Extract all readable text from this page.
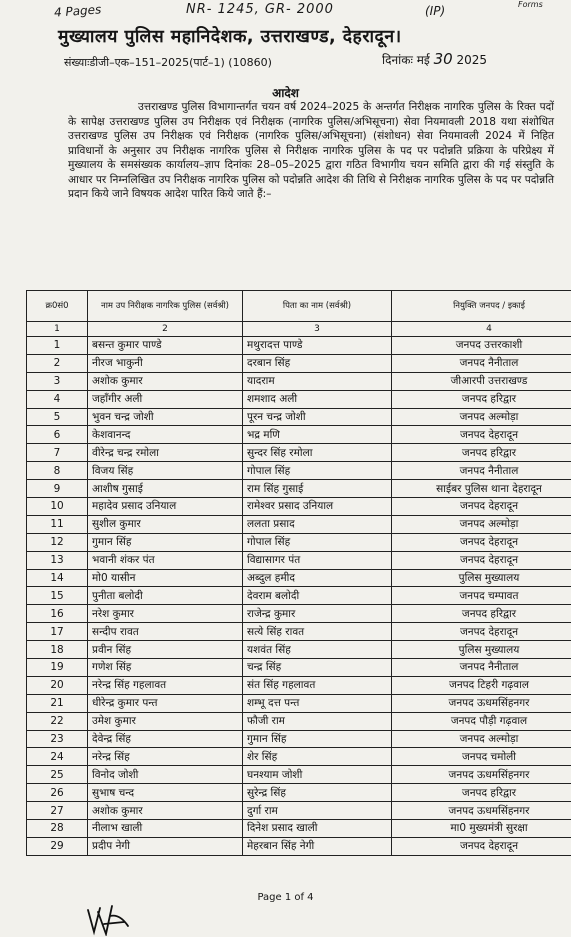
4 Pages	NR- 1245, GR- 2000	(IP)	Forms
मुख्यालय पुलिस महानिदेशक, उत्तराखण्ड, देहरादून।
संख्याःडीजी–एक–151–2025(पार्ट–1) (10860)	दिनांकः मई 30 2025
आदेश

उत्तराखण्ड पुलिस विभागान्तर्गत चयन वर्ष 2024–2025 के अन्तर्गत निरीक्षक नागरिक पुलिस के रिक्त पदों के सापेक्ष उत्तराखण्ड पुलिस उप निरीक्षक एवं निरीक्षक (नागरिक पुलिस/अभिसूचना) सेवा नियमावली 2018 यथा संशोधित उत्तराखण्ड पुलिस उप निरीक्षक एवं निरीक्षक (नागरिक पुलिस/अभिसूचना) (संशोधन) सेवा नियमावली 2024 में निहित प्राविधानों के अनुसार उप निरीक्षक नागरिक पुलिस से निरीक्षक नागरिक पुलिस के पद पर पदोन्नति प्रक्रिया के परिप्रेक्ष्य में मुख्यालय के समसंख्यक कार्यालय–ज्ञाप दिनांकः 28–05–2025 द्वारा गठित विभागीय चयन समिति द्वारा की गई संस्तुति के आधार पर निम्नलिखित उप निरीक्षक नागरिक पुलिस को पदोन्नति आदेश की तिथि से निरीक्षक नागरिक पुलिस के पद पर पदोन्नति प्रदान किये जाने विषयक आदेश पारित किये जाते हैं:–

क्र0सं0	नाम उप निरीक्षक नागरिक पुलिस (सर्वश्री)	पिता का नाम (सर्वश्री)	नियुक्ति जनपद / इकाई
1	2	3	4
1	बसन्त कुमार पाण्डे	मथुरादत्त पाण्डे	जनपद उत्तरकाशी
2	नीरज भाकुनी	दरबान सिंह	जनपद नैनीताल
3	अशोक कुमार	यादराम	जीआरपी उत्तराखण्ड
4	जहाँगीर अली	शमशाद अली	जनपद हरिद्वार
5	भुवन चन्द्र जोशी	पूरन चन्द्र जोशी	जनपद अल्मोड़ा
6	केशवानन्द	भद्र मणि	जनपद देहरादून
7	वीरेन्द्र चन्द्र रमोला	सुन्दर सिंह रमोला	जनपद हरिद्वार
8	विजय सिंह	गोपाल सिंह	जनपद नैनीताल
9	आशीष गुसाई	राम सिंह गुसाई	साईबर पुलिस थाना देहरादून
10	महादेव प्रसाद उनियाल	रामेश्वर प्रसाद उनियाल	जनपद देहरादून
11	सुशील कुमार	ललता प्रसाद	जनपद अल्मोड़ा
12	गुमान सिंह	गोपाल सिंह	जनपद देहरादून
13	भवानी शंकर पंत	विद्यासागर पंत	जनपद देहरादून
14	मो0 यासीन	अब्दुल हमीद	पुलिस मुख्यालय
15	पुनीता बलोदी	देवराम बलोदी	जनपद चम्पावत
16	नरेश कुमार	राजेन्द्र कुमार	जनपद हरिद्वार
17	सन्दीप रावत	सत्ये सिंह रावत	जनपद देहरादून
18	प्रवीन सिंह	यशवंत सिंह	पुलिस मुख्यालय
19	गणेश सिंह	चन्द्र सिंह	जनपद नैनीताल
20	नरेन्द्र सिंह गहलावत	संत सिंह गहलावत	जनपद टिहरी गढ़वाल
21	धीरेन्द्र कुमार पन्त	शम्भू दत्त पन्त	जनपद ऊधमसिंहनगर
22	उमेश कुमार	फौजी राम	जनपद पौड़ी गढ़वाल
23	देवेन्द्र सिंह	गुमान सिंह	जनपद अल्मोड़ा
24	नरेन्द्र सिंह	शेर सिंह	जनपद चमोली
25	विनोद जोशी	घनश्याम जोशी	जनपद ऊधमसिंहनगर
26	सुभाष चन्द	सुरेन्द्र सिंह	जनपद हरिद्वार
27	अशोक कुमार	दुर्गा राम	जनपद ऊधमसिंहनगर
28	नीलाभ खाली	दिनेश प्रसाद खाली	मा0 मुख्यमंत्री सुरक्षा
29	प्रदीप नेगी	मेहरबान सिंह नेगी	जनपद देहरादून
Page 1 of 4
